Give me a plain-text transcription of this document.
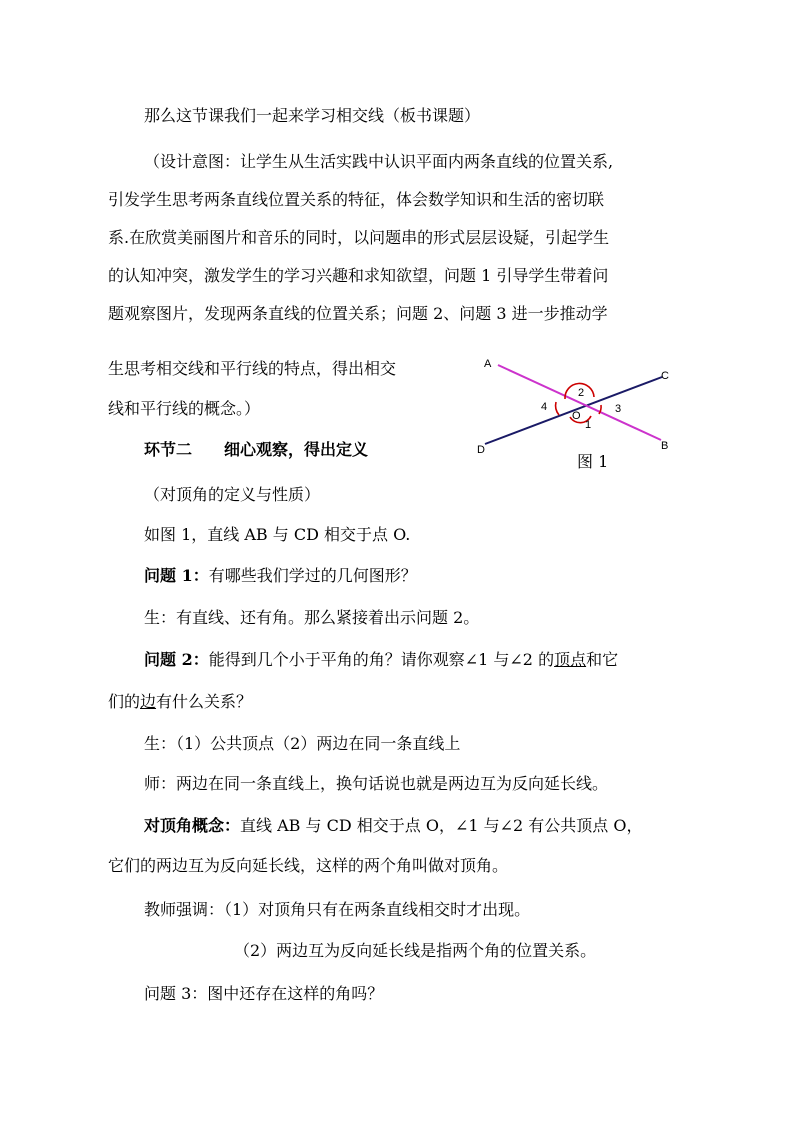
那么这节课我们一起来学习相交线（板书课题）
（设计意图：让学生从生活实践中认识平面内两条直线的位置关系,
引发学生思考两条直线位置关系的特征，体会数学知识和生活的密切联
系.在欣赏美丽图片和音乐的同时，以问题串的形式层层设疑，引起学生
的认知冲突，激发学生的学习兴趣和求知欲望，问题 1 引导学生带着问
题观察图片，发现两条直线的位置关系；问题 2、问题 3 进一步推动学
生思考相交线和平行线的特点，得出相交
线和平行线的概念。）
环节二 细心观察，得出定义
（对顶角的定义与性质）
如图 1，直线 AB 与 CD 相交于点 O.
问题 1：有哪些我们学过的几何图形？
生：有直线、还有角。那么紧接着出示问题 2。
问题 2：能得到几个小于平角的角？请你观察∠1 与∠2 的顶点和它
们的边有什么关系？
生：（1）公共顶点（2）两边在同一条直线上
师：两边在同一条直线上，换句话说也就是两边互为反向延长线。
对顶角概念：直线 AB 与 CD 相交于点 O，∠1 与∠2 有公共顶点 O，
它们的两边互为反向延长线，这样的两个角叫做对顶角。
教师强调：（1）对顶角只有在两条直线相交时才出现。
（2）两边互为反向延长线是指两个角的位置关系。
问题 3：图中还存在这样的角吗？
A
C
B
D
O
2
1
3
4
图 1
